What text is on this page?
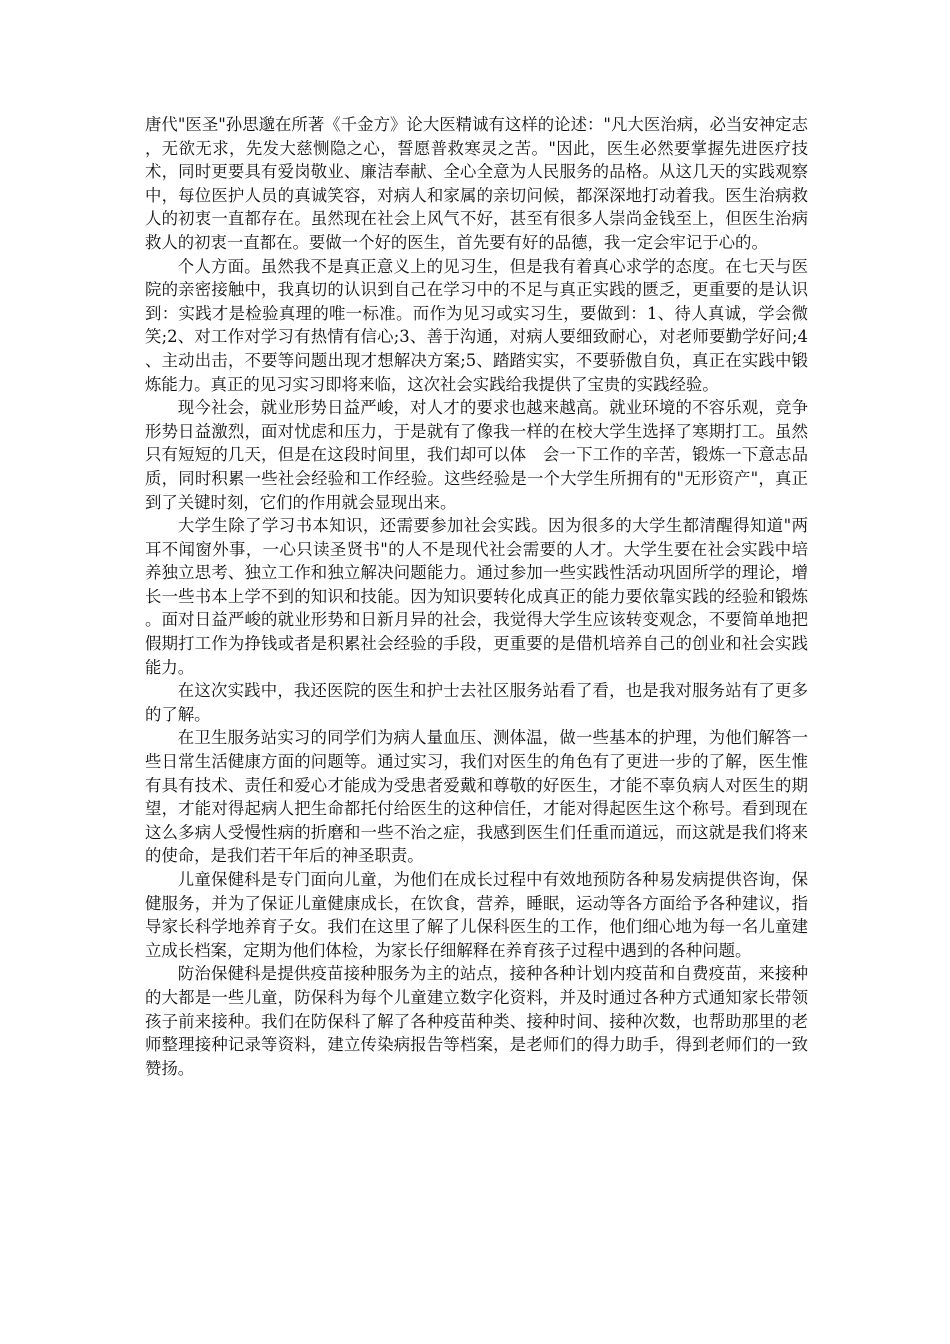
唐代"医圣"孙思邈在所著《千金方》论大医精诚有这样的论述："凡大医治病，必当安神定志，无欲无求，先发大慈恻隐之心，誓愿普救寒灵之苦。"因此，医生必然要掌握先进医疗技术，同时更要具有爱岗敬业、廉洁奉献、全心全意为人民服务的品格。从这几天的实践观察中，每位医护人员的真诚笑容，对病人和家属的亲切问候，都深深地打动着我。医生治病救人的初衷一直都存在。虽然现在社会上风气不好，甚至有很多人崇尚金钱至上，但医生治病救人的初衷一直都在。要做一个好的医生，首先要有好的品德，我一定会牢记于心的。

个人方面。虽然我不是真正意义上的见习生，但是我有着真心求学的态度。在七天与医院的亲密接触中，我真切的认识到自己在学习中的不足与真正实践的匮乏，更重要的是认识到：实践才是检验真理的唯一标准。而作为见习或实习生，要做到：1、待人真诚，学会微笑;2、对工作对学习有热情有信心;3、善于沟通，对病人要细致耐心，对老师要勤学好问;4、主动出击，不要等问题出现才想解决方案;5、踏踏实实，不要骄傲自负，真正在实践中锻炼能力。真正的见习实习即将来临，这次社会实践给我提供了宝贵的实践经验。

现今社会，就业形势日益严峻，对人才的要求也越来越高。就业环境的不容乐观，竞争形势日益激烈，面对忧虑和压力，于是就有了像我一样的在校大学生选择了寒期打工。虽然只有短短的几天，但是在这段时间里，我们却可以体　会一下工作的辛苦，锻炼一下意志品质，同时积累一些社会经验和工作经验。这些经验是一个大学生所拥有的"无形资产"，真正到了关键时刻，它们的作用就会显现出来。

大学生除了学习书本知识，还需要参加社会实践。因为很多的大学生都清醒得知道"两耳不闻窗外事，一心只读圣贤书"的人不是现代社会需要的人才。大学生要在社会实践中培养独立思考、独立工作和独立解决问题能力。通过参加一些实践性活动巩固所学的理论，增长一些书本上学不到的知识和技能。因为知识要转化成真正的能力要依靠实践的经验和锻炼。面对日益严峻的就业形势和日新月异的社会，我觉得大学生应该转变观念，不要简单地把假期打工作为挣钱或者是积累社会经验的手段，更重要的是借机培养自己的创业和社会实践能力。

在这次实践中，我还医院的医生和护士去社区服务站看了看，也是我对服务站有了更多的了解。

在卫生服务站实习的同学们为病人量血压、测体温，做一些基本的护理，为他们解答一些日常生活健康方面的问题等。通过实习，我们对医生的角色有了更进一步的了解，医生惟有具有技术、责任和爱心才能成为受患者爱戴和尊敬的好医生，才能不辜负病人对医生的期望，才能对得起病人把生命都托付给医生的这种信任，才能对得起医生这个称号。看到现在这么多病人受慢性病的折磨和一些不治之症，我感到医生们任重而道远，而这就是我们将来的使命，是我们若干年后的神圣职责。

儿童保健科是专门面向儿童，为他们在成长过程中有效地预防各种易发病提供咨询，保健服务，并为了保证儿童健康成长，在饮食，营养，睡眠，运动等各方面给予各种建议，指导家长科学地养育子女。我们在这里了解了儿保科医生的工作，他们细心地为每一名儿童建立成长档案，定期为他们体检，为家长仔细解释在养育孩子过程中遇到的各种问题。

防治保健科是提供疫苗接种服务为主的站点，接种各种计划内疫苗和自费疫苗，来接种的大都是一些儿童，防保科为每个儿童建立数字化资料，并及时通过各种方式通知家长带领孩子前来接种。我们在防保科了解了各种疫苗种类、接种时间、接种次数，也帮助那里的老师整理接种记录等资料，建立传染病报告等档案，是老师们的得力助手，得到老师们的一致赞扬。
